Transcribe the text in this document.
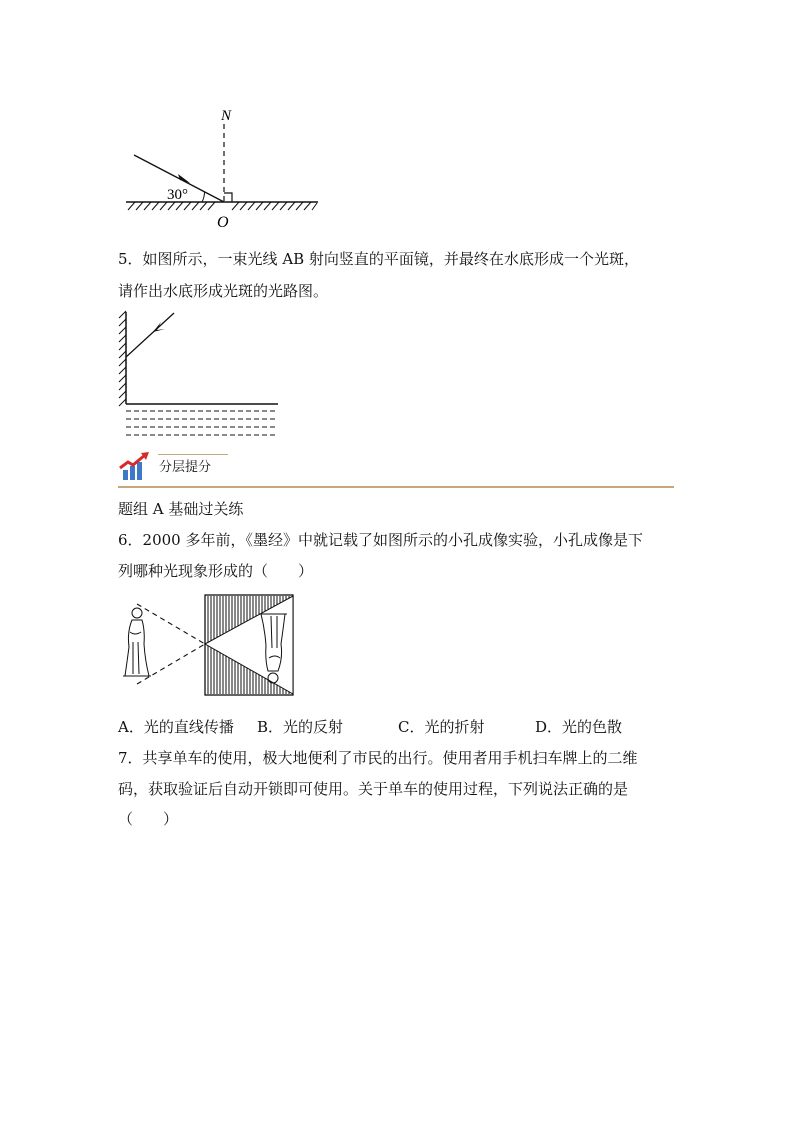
30°
N
O
5．如图所示，一束光线 AB 射向竖直的平面镜，并最终在水底形成一个光斑，
请作出水底形成光斑的光路图。
分层提分
题组 A 基础过关练
6．2000 多年前，《墨经》中就记载了如图所示的小孔成像实验，小孔成像是下
列哪种光现象形成的（　　）
A．光的直线传播 B．光的反射	C．光的折射	D．光的色散
7．共享单车的使用，极大地便利了市民的出行。使用者用手机扫车牌上的二维
码，获取验证后自动开锁即可使用。关于单车的使用过程，下列说法正确的是
（　　）
